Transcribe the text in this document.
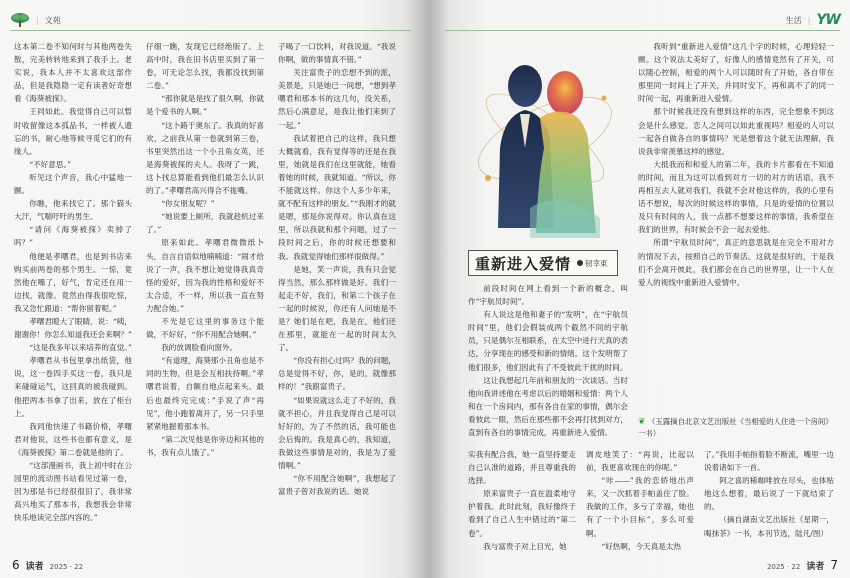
| 文苑

这本第二卷不知何时与其他两卷失散，完美转转地来到了我手上。老实说，我本人并不太喜欢这部作品，但是我隐隐一定有读者好奇想看《海葵被探》。

王同如此。我觉得自己可以暂时收留像这本孤品书，一样被人遗忘的书，耐心地等候寻觅它们的有缘人。

“不好意思。”

听见这个声音，我心中猛地一颤。

你瞧，他来找它了。那个猫头大汗，气喘吁吁的男生。

“请问《海葵被探》卖掉了吗？”

他便是孝曙君，也是到书店来购买前两卷的那个男生。一惊，竟然他在嘴了，好气，肯定还在用一边找，就像。竟然由得我很吃惊，我又急忙跟道：“帮你留着呢。”

孝曙君瞪大了眼睛，说：“咦，谢谢你！你怎么知道我还会来啊？”

“这是我多年以来培养的直觉。”

孝曙君从书包里拿出纸袋，他说，这一卷四手买这一卷，我只是来碰碰运气，这回真的被我碰到。他把两本书拿了出来，放在了柜台上。

我同他快速了书籍价格，孝曙君对他说，这些书也都有意义，是《海葵被探》第二卷就是他的了。

“这部漫画书，我上初中时在公园里的流动图书站看见过第一卷，因为那是书已经很很旧了，我非常高兴地买了那本书，我想我会非常快乐地读完全部内容的。”

仔细一瞧，发现它已经绝版了。上高中时，我在旧书店里买到了第一卷，可无论怎么找，我都没找到第二卷。”

“那你就是是找了很久啊，你就是个爱书的人啊。”

“这卜路于奥东了。我真的好喜欢，之前我从第一卷就到第三卷，书里突然出这一个小丑角女英，还是海葵被探的夫人。我呀了一跳，这卜找总算能看到他们最怎么认识的了。”孝曙君高兴得合不拢嘴。

“你女朋友呢？”

“她说要上厕所，我就趁机过来了。”

原来如此。孝曙君微微纸卜头，自言自语似地喃喃道：“闹才给说了一声，我不想让她觉得我真奇怪的爱好，因为我的性格和爱好不太合适，不一样，所以我一直在努力配合她。”

不光是它这里的事务这个能做，不好好，“你不用配合她啊。”

我的放调脸看向窗外。

“有道理，海葵那小丑角也是不同的生物，但是会互相扶持啊。”孝曙君说着，自额自地点起来头。最后也最终完完成：”手说了声“再见”，他小跑着离开了，另一只手里紧紧地握着那本书。

“第二次见他是你旁边和其他的书，我有点儿饿了。”

子喝了一口饮料，对我说道。“我说你啊，做的事情真不错。”

关注富贵子的恋想不到的派，美景是，只是她已一间想，“想到孝曙君和那本书的这几句，没关系，然后心满意足，是我让他们来到了一起。”

我试着把自己的这样，我只想大概就看，我有觉得等的还是在我里，她就是我们在这里就能，她看着她的时候，我就知道。“所以，你不能就这样。你这个人多少年来，就不配有这样的朋友。”“我刚才的就是嗯，那是你说得对。你认真在这里，所以我就和那个问题，过了一段时间之后，你的时候还想要和我。我就觉得她们那样很做得。”

是她，笑一声说，我有只会觉得当然，那么那样做是好。我们一起走不好，我们，和第二个孩子在一起的时候说，你还有人问她是不是？她们是在吧，我是在，他们还在那里，就能在一起的时间太久了。

“你没有担心过吗？我的问题，总是觉得不好，你，是的，就像那样的！”我跟富贵子。

“如果说就这么走了不好的，我就不担心，并且我觉得自己是可以好好的，为了不然的话，我可能也会后悔的。我是真心的，我知道，我做这些事情是对的，我是为了爱情啊。”

“你不用配合她啊”，我想起了富贵子曾对我说的话。她说

6 读者 2025 · 22
生活 | YW
2025 · 22 读者 7
重新进入爱情 韧幸東

前段时间在网上看到一个新的概念，叫作“宇航员时间”。

有人说这是他和妻子的“发明”，在“宇航员时间”里，他们会假装成两个截然不同的宇航员，只是偶尔互相联系，在太空中进行天真的表达，分享现在的感受和新的情绪。这个发明帮了他们很多，他们因此有了不受彼此干扰的时间。

这让我想起几年前和朋友的一次谈话。当时他向我讲述他在考虑以后的婚姻和爱情：两个人和在一个房间内，那有各自在家的事情，偶尔会看彼此一眼，然后在那些都不会再打扰到对方，直到有各自的事情完成，再重新进入爱情。

我听到“重新进入爱情”这几个字的时候，心理轻轻一颤。这个说法太美好了，好像人的感情竟然有了开关，可以随心控制，相爱的两个人可以随时有了开始，各自带在那里同一时间上了开关，并同时安下，再和离不了的同一时间一起，再重新进入爱情。

那个时候我还没有想到这样的东西，完全想象不到这会是什么感觉。恋人之间可以如此重视吗？相爱的人可以一起各自做各自的事情吗？光是想着这个就无法理解，我说我非常羡慕这样的感觉。

大抵我而和和爱人的第二年，我的卡片都看在不知道的时间，而且为这可以看到对方一切的对方的话语，我不再相互去人就对我们，我就不会对他这样的，我的心里有话不想说，每次的时候这样的事情，只是的爱情的位置以及只有时间的人，我一点都不想要这样的事情，我希望在我们的世界，有时候会不会一起去爱他。

所谓“宇航员时间”，真正的意思就是在完全不用对方的情况下去，按照自己的节奏活。这就是很好的，于是我们不会离开彼此，我们都会在自己的世界里，让一个人在爱人的视线中重新进入爱情中。

❦ （玉露摘自北京文艺出版社《当相爱的人住进一个房间》一书）

实我有配合我，她一直坚持要走自己认准的道路，并且尊重我的选择。

原来富贵子一直在温柔地守护着我。此时此刻，我好像终于看到了自己人生中错过的“第二卷”。

我与富贵子对上目光，她

调皮地笑了：“再说，比起以前，我更喜欢现在的你呢。”

“咔——”我的恋娇地出声来，又一次抓着手帕盖住了脸。我做的工作，多亏了幸福，她也有了一个小目标”，多么可爱啊。

“好热啊，今天真是太热

了。”我用手帕指着脸不断流，嘴里一边说着诸如下一首。

阿之喜的稀咖啡放在尽头，也体贴地这么想着，最后说了一下就结束了的。

（摘自湖南文艺出版社《星期一，喝抹茶》一书，本刊节选，陆凡/图）
